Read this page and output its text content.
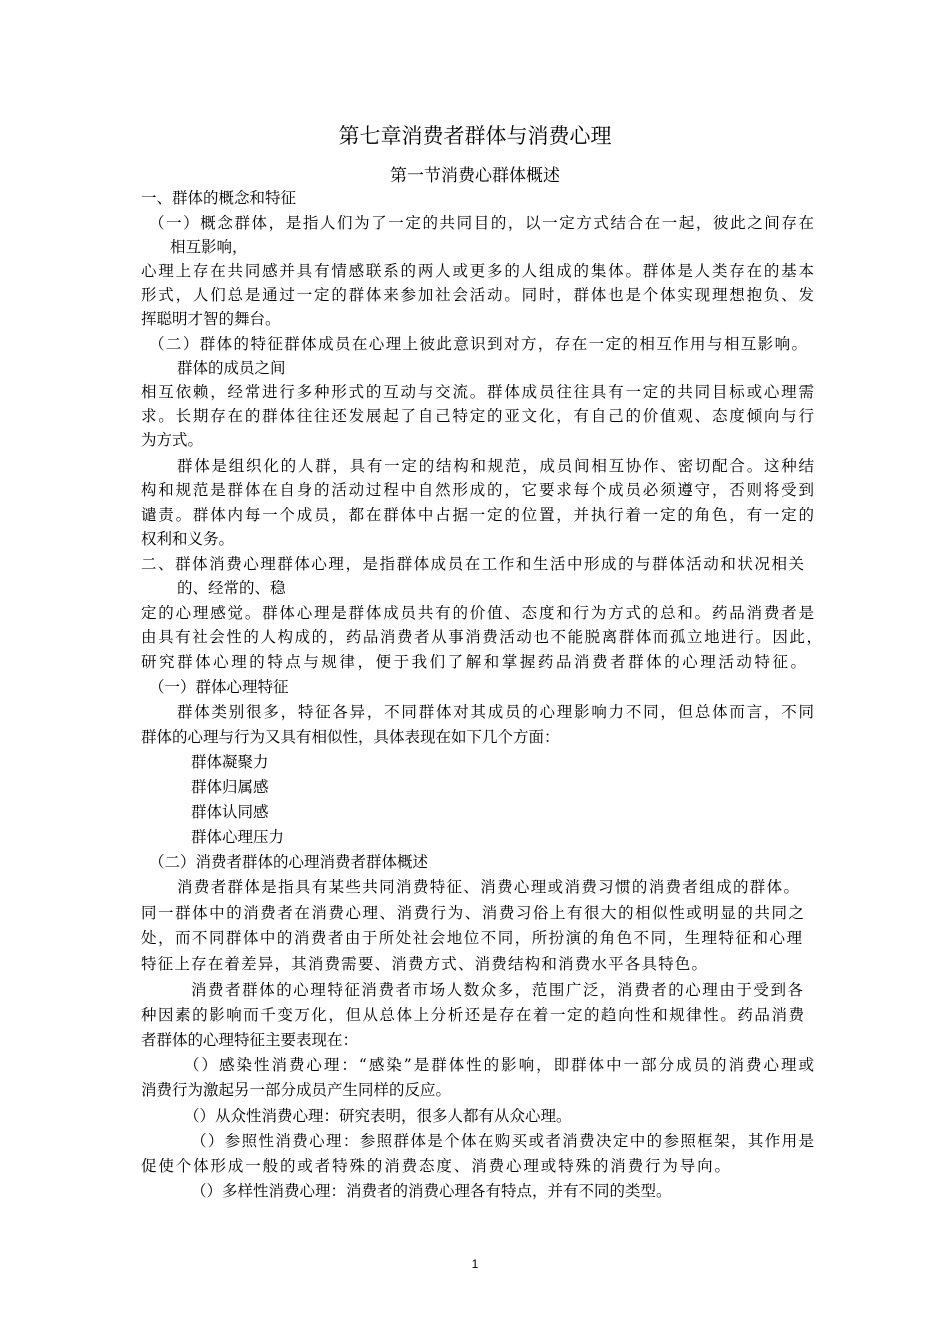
第七章消费者群体与消费心理
第一节消费心群体概述
一、群体的概念和特征
（一）概念群体，是指人们为了一定的共同目的，以一定方式结合在一起，彼此之间存在
相互影响，
心理上存在共同感并具有情感联系的两人或更多的人组成的集体。群体是人类存在的基本
形式，人们总是通过一定的群体来参加社会活动。同时，群体也是个体实现理想抱负、发
挥聪明才智的舞台。
（二）群体的特征群体成员在心理上彼此意识到对方，存在一定的相互作用与相互影响。
群体的成员之间
相互依赖，经常进行多种形式的互动与交流。群体成员往往具有一定的共同目标或心理需
求。长期存在的群体往往还发展起了自己特定的亚文化，有自己的价值观、态度倾向与行
为方式。
群体是组织化的人群，具有一定的结构和规范，成员间相互协作、密切配合。这种结
构和规范是群体在自身的活动过程中自然形成的，它要求每个成员必须遵守，否则将受到
谴责。群体内每一个成员，都在群体中占据一定的位置，并执行着一定的角色，有一定的
权利和义务。
二、群体消费心理群体心理，是指群体成员在工作和生活中形成的与群体活动和状况相关
的、经常的、稳
定的心理感觉。群体心理是群体成员共有的价值、态度和行为方式的总和。药品消费者是
由具有社会性的人构成的，药品消费者从事消费活动也不能脱离群体而孤立地进行。因此，
研究群体心理的特点与规律，便于我们了解和掌握药品消费者群体的心理活动特征。
（一）群体心理特征
群体类别很多，特征各异，不同群体对其成员的心理影响力不同，但总体而言，不同
群体的心理与行为又具有相似性，具体表现在如下几个方面：
群体凝聚力
群体归属感
群体认同感
群体心理压力
（二）消费者群体的心理消费者群体概述
消费者群体是指具有某些共同消费特征、消费心理或消费习惯的消费者组成的群体。
同一群体中的消费者在消费心理、消费行为、消费习俗上有很大的相似性或明显的共同之
处，而不同群体中的消费者由于所处社会地位不同，所扮演的角色不同，生理特征和心理
特征上存在着差异，其消费需要、消费方式、消费结构和消费水平各具特色。
消费者群体的心理特征消费者市场人数众多，范围广泛，消费者的心理由于受到各
种因素的影响而千变万化，但从总体上分析还是存在着一定的趋向性和规律性。药品消费
者群体的心理特征主要表现在：
（）感染性消费心理：“感染”是群体性的影响，即群体中一部分成员的消费心理或
消费行为激起另一部分成员产生同样的反应。
（）从众性消费心理：研究表明，很多人都有从众心理。
（）参照性消费心理：参照群体是个体在购买或者消费决定中的参照框架，其作用是
促使个体形成一般的或者特殊的消费态度、消费心理或特殊的消费行为导向。
（）多样性消费心理：消费者的消费心理各有特点，并有不同的类型。
1
